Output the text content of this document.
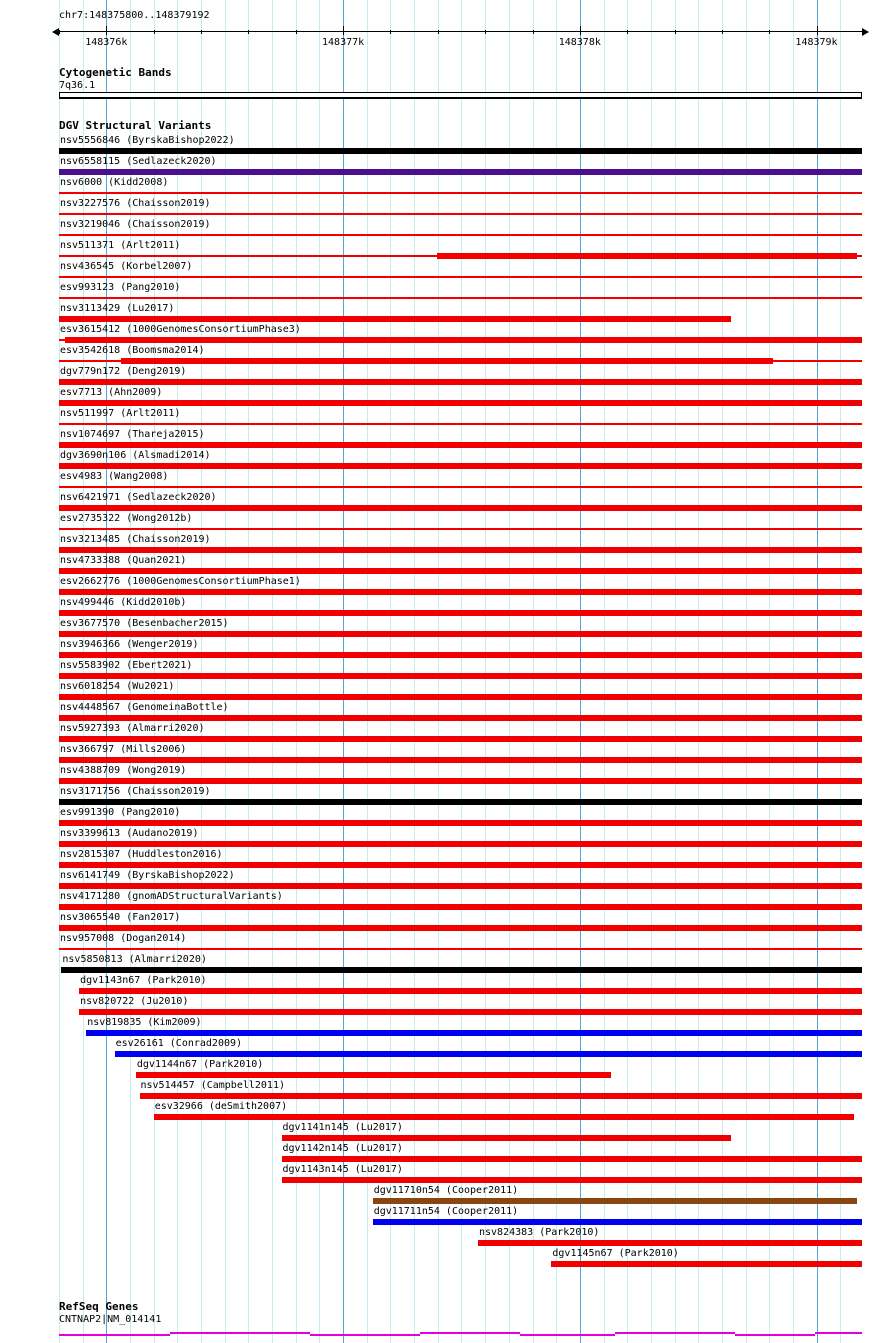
chr7:148375800..148379192
148376k	148377k	148378k	148379k
Cytogenetic Bands
7q36.1
DGV Structural Variants
nsv5556846 (ByrskaBishop2022)
nsv6558115 (Sedlazeck2020)
nsv6000 (Kidd2008)
nsv3227576 (Chaisson2019)
nsv3219046 (Chaisson2019)
nsv511371 (Arlt2011)
nsv436545 (Korbel2007)
esv993123 (Pang2010)
nsv3113429 (Lu2017)
esv3615412 (1000GenomesConsortiumPhase3)
esv3542618 (Boomsma2014)
dgv779n172 (Deng2019)
esv7713 (Ahn2009)
nsv511997 (Arlt2011)
nsv1074697 (Thareja2015)
dgv3690n106 (Alsmadi2014)
esv4983 (Wang2008)
nsv6421971 (Sedlazeck2020)
esv2735322 (Wong2012b)
nsv3213485 (Chaisson2019)
nsv4733388 (Quan2021)
esv2662776 (1000GenomesConsortiumPhase1)
nsv499446 (Kidd2010b)
esv3677570 (Besenbacher2015)
nsv3946366 (Wenger2019)
nsv5583902 (Ebert2021)
nsv6018254 (Wu2021)
nsv4448567 (GenomeinaBottle)
nsv5927393 (Almarri2020)
nsv366797 (Mills2006)
nsv4388709 (Wong2019)
nsv3171756 (Chaisson2019)
esv991390 (Pang2010)
nsv3399613 (Audano2019)
nsv2815307 (Huddleston2016)
nsv6141749 (ByrskaBishop2022)
nsv4171280 (gnomADStructuralVariants)
nsv3065540 (Fan2017)
nsv957008 (Dogan2014)
nsv5850813 (Almarri2020)
dgv1143n67 (Park2010)
nsv820722 (Ju2010)
nsv819835 (Kim2009)
esv26161 (Conrad2009)
dgv1144n67 (Park2010)
nsv514457 (Campbell2011)
esv32966 (deSmith2007)
dgv1141n145 (Lu2017)
dgv1142n145 (Lu2017)
dgv1143n145 (Lu2017)
dgv11710n54 (Cooper2011)
dgv11711n54 (Cooper2011)
nsv824383 (Park2010)
dgv1145n67 (Park2010)
RefSeq Genes
CNTNAP2|NM_014141
